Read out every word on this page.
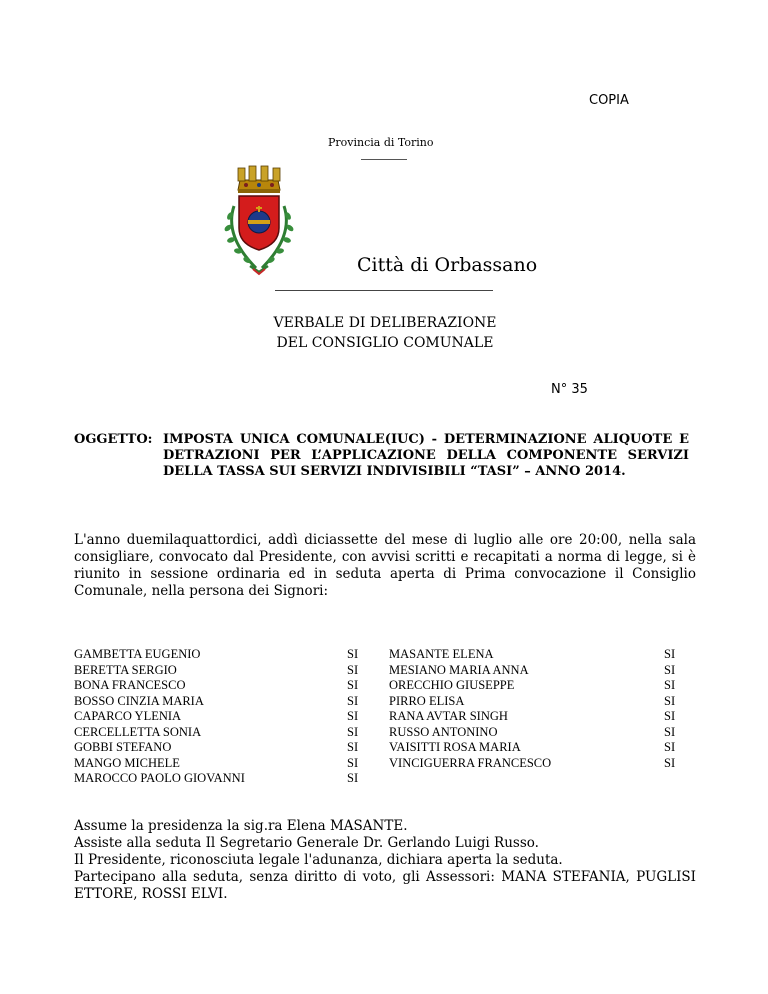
COPIA
Provincia di Torino
Città di Orbassano
VERBALE DI DELIBERAZIONE
DEL CONSIGLIO COMUNALE
N° 35
OGGETTO: IMPOSTA UNICA COMUNALE(IUC) - DETERMINAZIONE ALIQUOTE E DETRAZIONI PER L’APPLICAZIONE DELLA COMPONENTE SERVIZI DELLA TASSA SUI SERVIZI INDIVISIBILI “TASI” – ANNO 2014.
L'anno duemilaquattordici, addì diciassette del mese di luglio alle ore 20:00, nella sala consigliare, convocato dal Presidente, con avvisi scritti e recapitati a norma di legge, si è riunito in sessione ordinaria ed in seduta aperta di Prima convocazione il Consiglio Comunale, nella persona dei Signori:
GAMBETTA EUGENIO
BERETTA SERGIO
BONA FRANCESCO
BOSSO CINZIA MARIA
CAPARCO YLENIA
CERCELLETTA SONIA
GOBBI STEFANO
MANGO MICHELE
MAROCCO PAOLO GIOVANNI
SI
SI
SI
SI
SI
SI
SI
SI
SI
MASANTE ELENA
MESIANO MARIA ANNA
ORECCHIO GIUSEPPE
PIRRO ELISA
RANA AVTAR SINGH
RUSSO ANTONINO
VAISITTI ROSA MARIA
VINCIGUERRA FRANCESCO
SI
SI
SI
SI
SI
SI
SI
SI
Assume la presidenza la sig.ra Elena MASANTE.
Assiste alla seduta Il Segretario Generale Dr. Gerlando Luigi Russo.
Il Presidente, riconosciuta legale l'adunanza, dichiara aperta la seduta.
Partecipano alla seduta, senza diritto di voto, gli Assessori: MANA STEFANIA, PUGLISI ETTORE, ROSSI ELVI.
